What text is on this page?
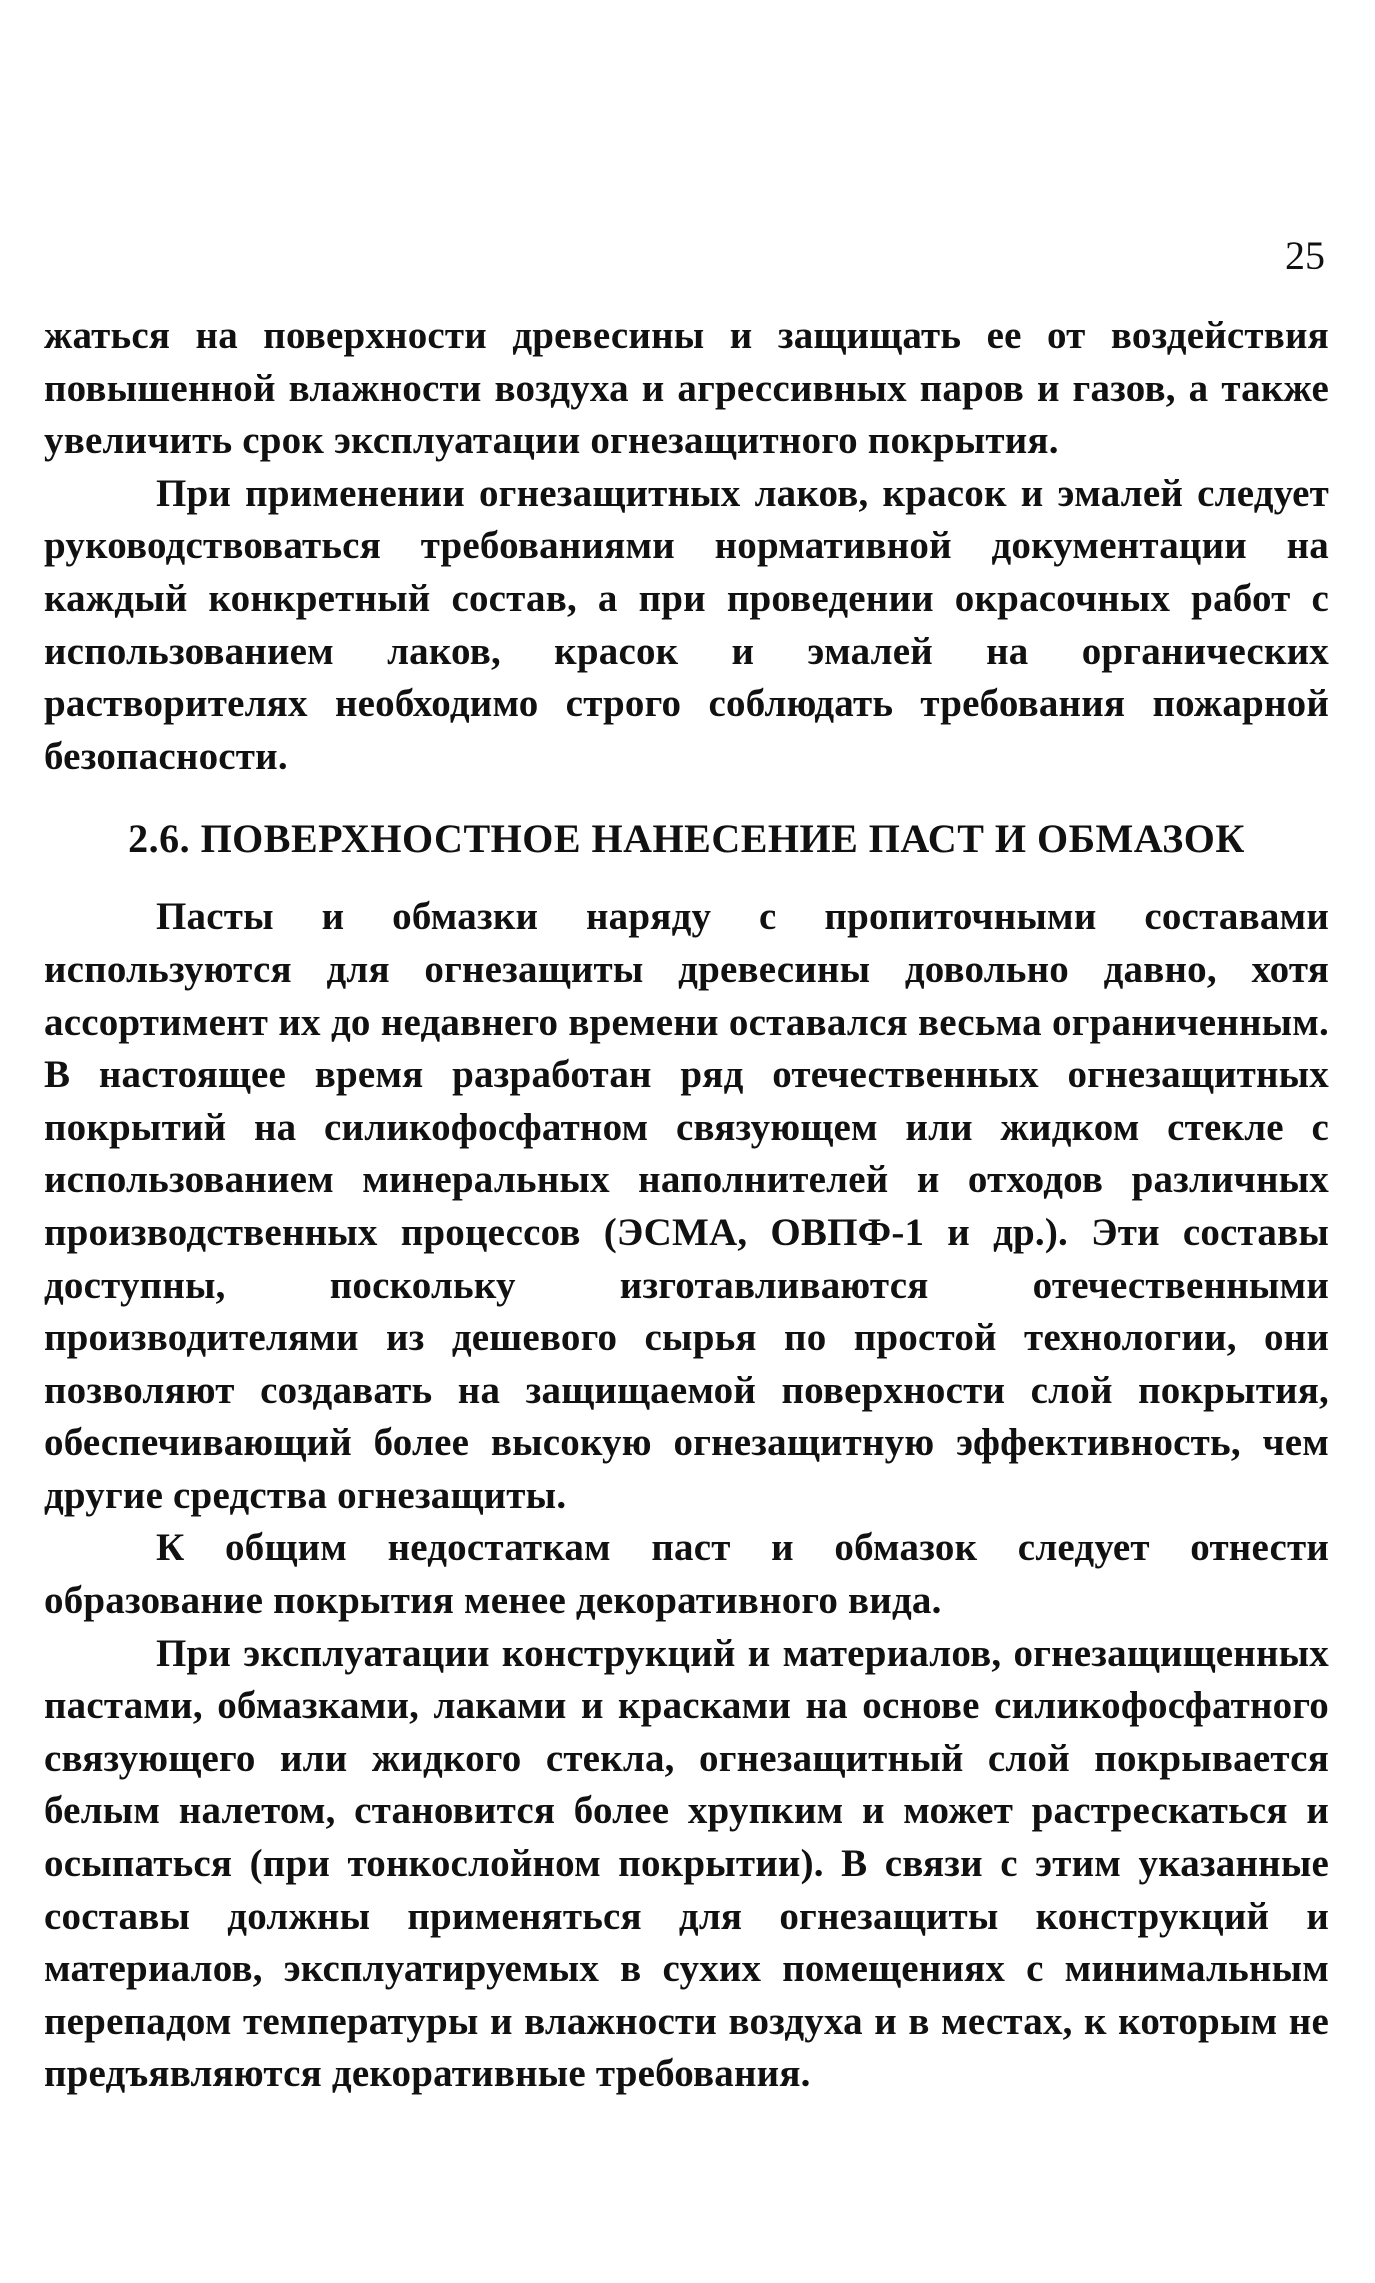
25

жаться на поверхности древесины и защищать ее от воздействия повышенной влажности воздуха и агрессивных паров и газов, а также увеличить срок эксплуатации огнезащитного покрытия.

При применении огнезащитных лаков, красок и эмалей следует руководствоваться требованиями нормативной документации на каждый конкретный состав, а при проведении окрасочных работ с использованием лаков, красок и эмалей на органических растворителях необходимо строго соблюдать требования пожарной безопасности.

2.6. ПОВЕРХНОСТНОЕ НАНЕСЕНИЕ ПАСТ И ОБМАЗОК

Пасты и обмазки наряду с пропиточными составами используются для огнезащиты древесины довольно давно, хотя ассортимент их до недавнего времени оставался весьма ограниченным. В настоящее время разработан ряд отечественных огнезащитных покрытий на силикофосфатном связующем или жидком стекле с использованием минеральных наполнителей и отходов различных производственных процессов (ЭСМА, ОВПФ-1 и др.). Эти составы доступны, поскольку изготавливаются отечественными производителями из дешевого сырья по простой технологии, они позволяют создавать на защищаемой поверхности слой покрытия, обеспечивающий более высокую огнезащитную эффективность, чем другие средства огнезащиты.

К общим недостаткам паст и обмазок следует отнести образование покрытия менее декоративного вида.

При эксплуатации конструкций и материалов, огнезащищенных пастами, обмазками, лаками и красками на основе силикофосфатного связующего или жидкого стекла, огнезащитный слой покрывается белым налетом, становится более хрупким и может растрескаться и осыпаться (при тонкослойном покрытии). В связи с этим указанные составы должны применяться для огнезащиты конструкций и материалов, эксплуатируемых в сухих помещениях с минимальным перепадом температуры и влажности воздуха и в местах, к которым не предъявляются декоративные требования.
